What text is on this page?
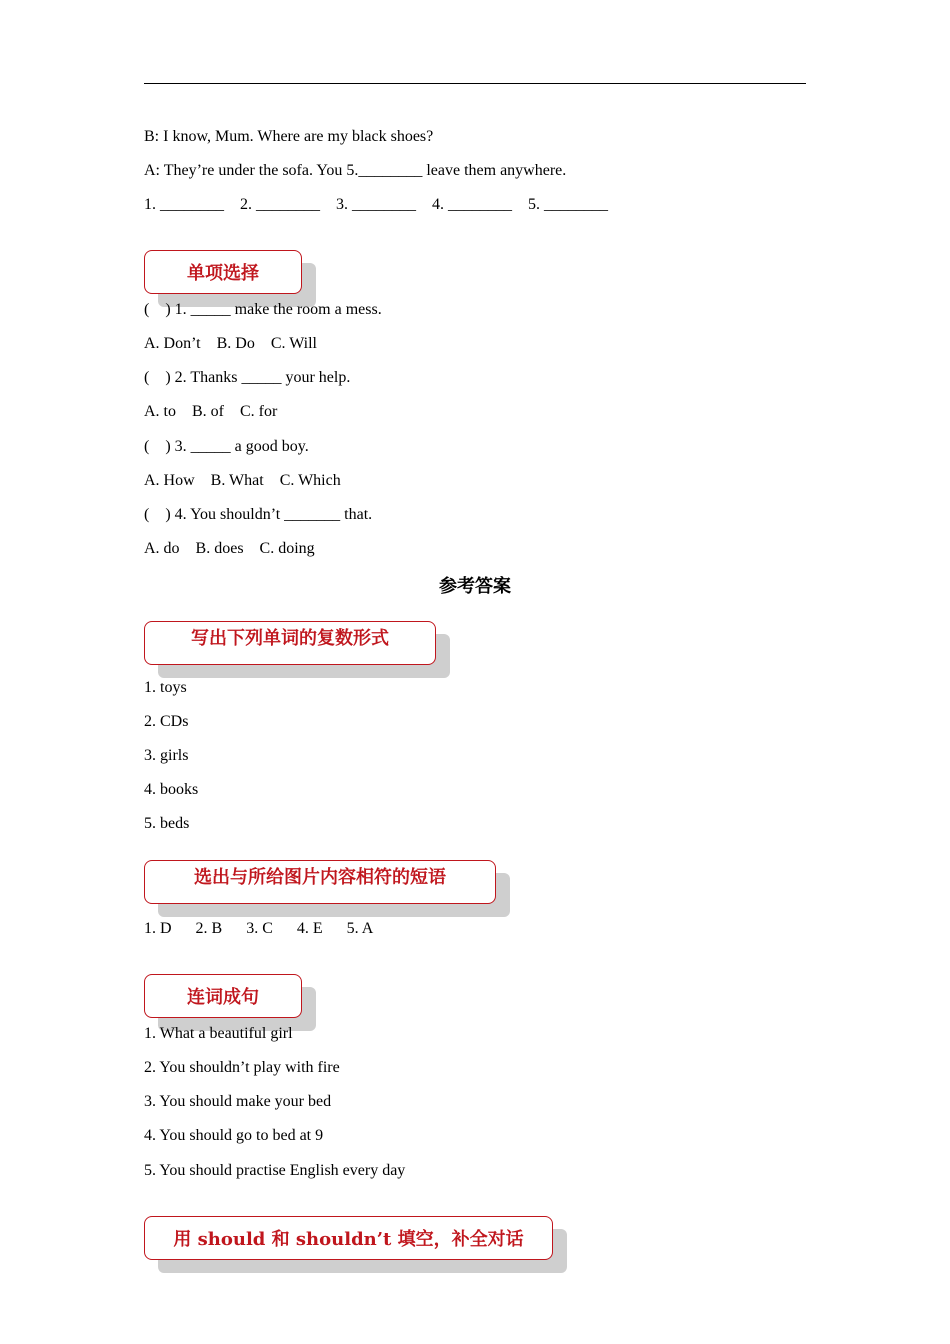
B: I know, Mum. Where are my black shoes?
A: They’re under the sofa. You 5.________ leave them anywhere.
1. ________    2. ________    3. ________    4. ________    5. ________
单项选择
(    ) 1. _____ make the room a mess.
A. Don’t    B. Do    C. Will
(    ) 2. Thanks _____ your help.
A. to    B. of    C. for
(    ) 3. _____ a good boy.
A. How    B. What    C. Which
(    ) 4. You shouldn’t _______ that.
A. do    B. does    C. doing
参考答案
写出下列单词的复数形式
1. toys
2. CDs
3. girls
4. books
5. beds
选出与所给图片内容相符的短语
1. D      2. B      3. C      4. E      5. A
连词成句
1. What a beautiful girl
2. You shouldn’t play with fire
3. You should make your bed
4. You should go to bed at 9
5. You should practise English every day
用 should 和 shouldn’t 填空，补全对话
